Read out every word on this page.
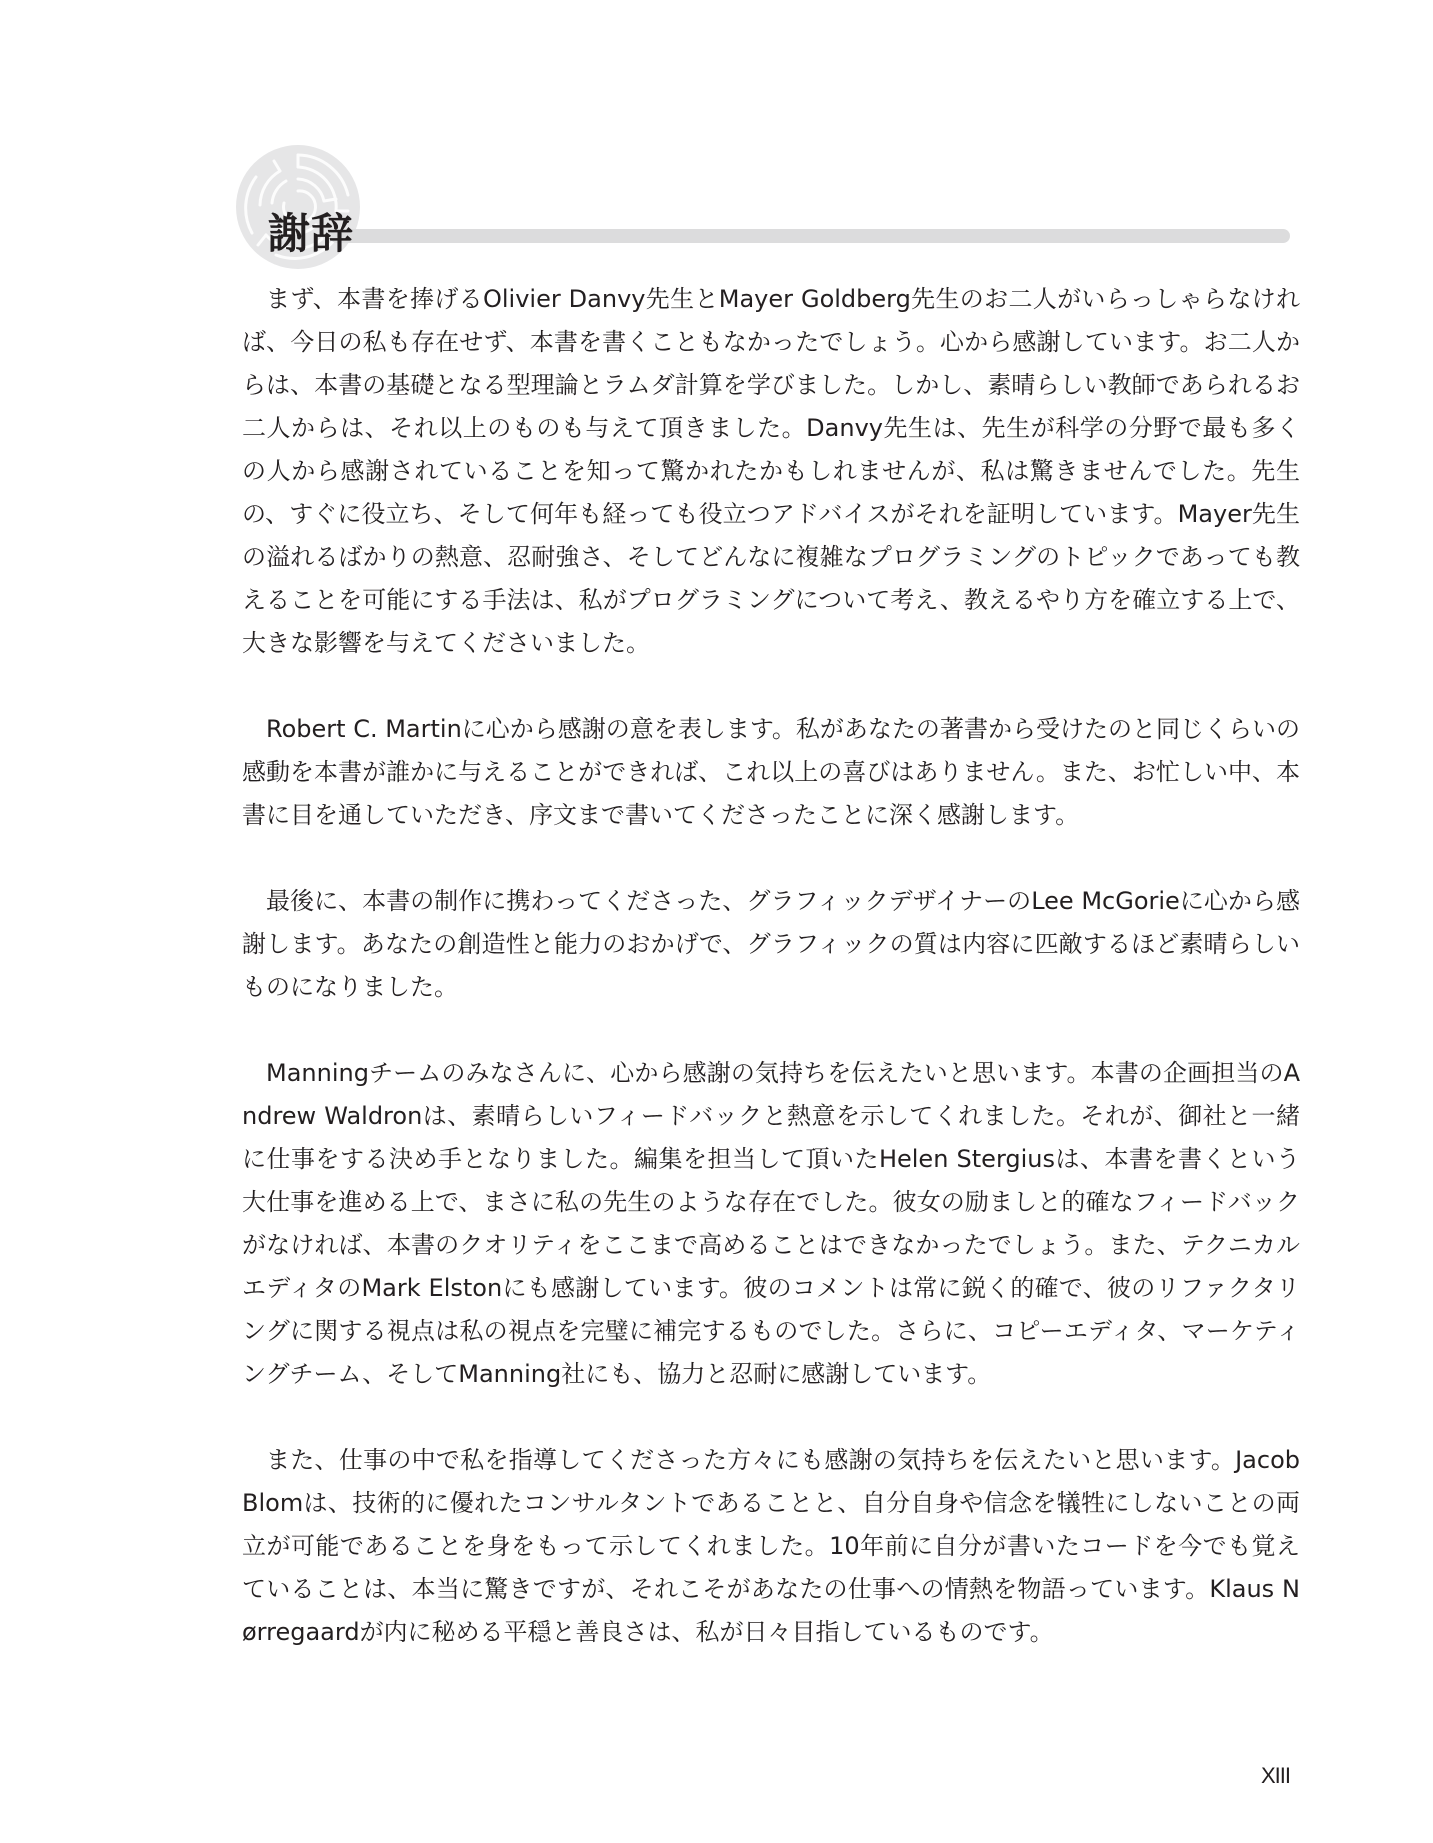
謝辞

まず、本書を捧げるOlivier Danvy先生とMayer Goldberg先生のお二人がいらっしゃらなければ、今日の私も存在せず、本書を書くこともなかったでしょう。心から感謝しています。お二人からは、本書の基礎となる型理論とラムダ計算を学びました。しかし、素晴らしい教師であられるお二人からは、それ以上のものも与えて頂きました。Danvy先生は、先生が科学の分野で最も多くの人から感謝されていることを知って驚かれたかもしれませんが、私は驚きませんでした。先生の、すぐに役立ち、そして何年も経っても役立つアドバイスがそれを証明しています。Mayer先生の溢れるばかりの熱意、忍耐強さ、そしてどんなに複雑なプログラミングのトピックであっても教えることを可能にする手法は、私がプログラミングについて考え、教えるやり方を確立する上で、大きな影響を与えてくださいました。

Robert C. Martinに心から感謝の意を表します。私があなたの著書から受けたのと同じくらいの感動を本書が誰かに与えることができれば、これ以上の喜びはありません。また、お忙しい中、本書に目を通していただき、序文まで書いてくださったことに深く感謝します。

最後に、本書の制作に携わってくださった、グラフィックデザイナーのLee McGorieに心から感謝します。あなたの創造性と能力のおかげで、グラフィックの質は内容に匹敵するほど素晴らしいものになりました。

Manningチームのみなさんに、心から感謝の気持ちを伝えたいと思います。本書の企画担当のAndrew Waldronは、素晴らしいフィードバックと熱意を示してくれました。それが、御社と一緒に仕事をする決め手となりました。編集を担当して頂いたHelen Stergiusは、本書を書くという大仕事を進める上で、まさに私の先生のような存在でした。彼女の励ましと的確なフィードバックがなければ、本書のクオリティをここまで高めることはできなかったでしょう。また、テクニカルエディタのMark Elstonにも感謝しています。彼のコメントは常に鋭く的確で、彼のリファクタリングに関する視点は私の視点を完璧に補完するものでした。さらに、コピーエディタ、マーケティングチーム、そしてManning社にも、協力と忍耐に感謝しています。

また、仕事の中で私を指導してくださった方々にも感謝の気持ちを伝えたいと思います。Jacob Blomは、技術的に優れたコンサルタントであることと、自分自身や信念を犠牲にしないことの両立が可能であることを身をもって示してくれました。10年前に自分が書いたコードを今でも覚えていることは、本当に驚きですが、それこそがあなたの仕事への情熱を物語っています。Klaus Nørregaardが内に秘める平穏と善良さは、私が日々目指しているものです。

XIII
